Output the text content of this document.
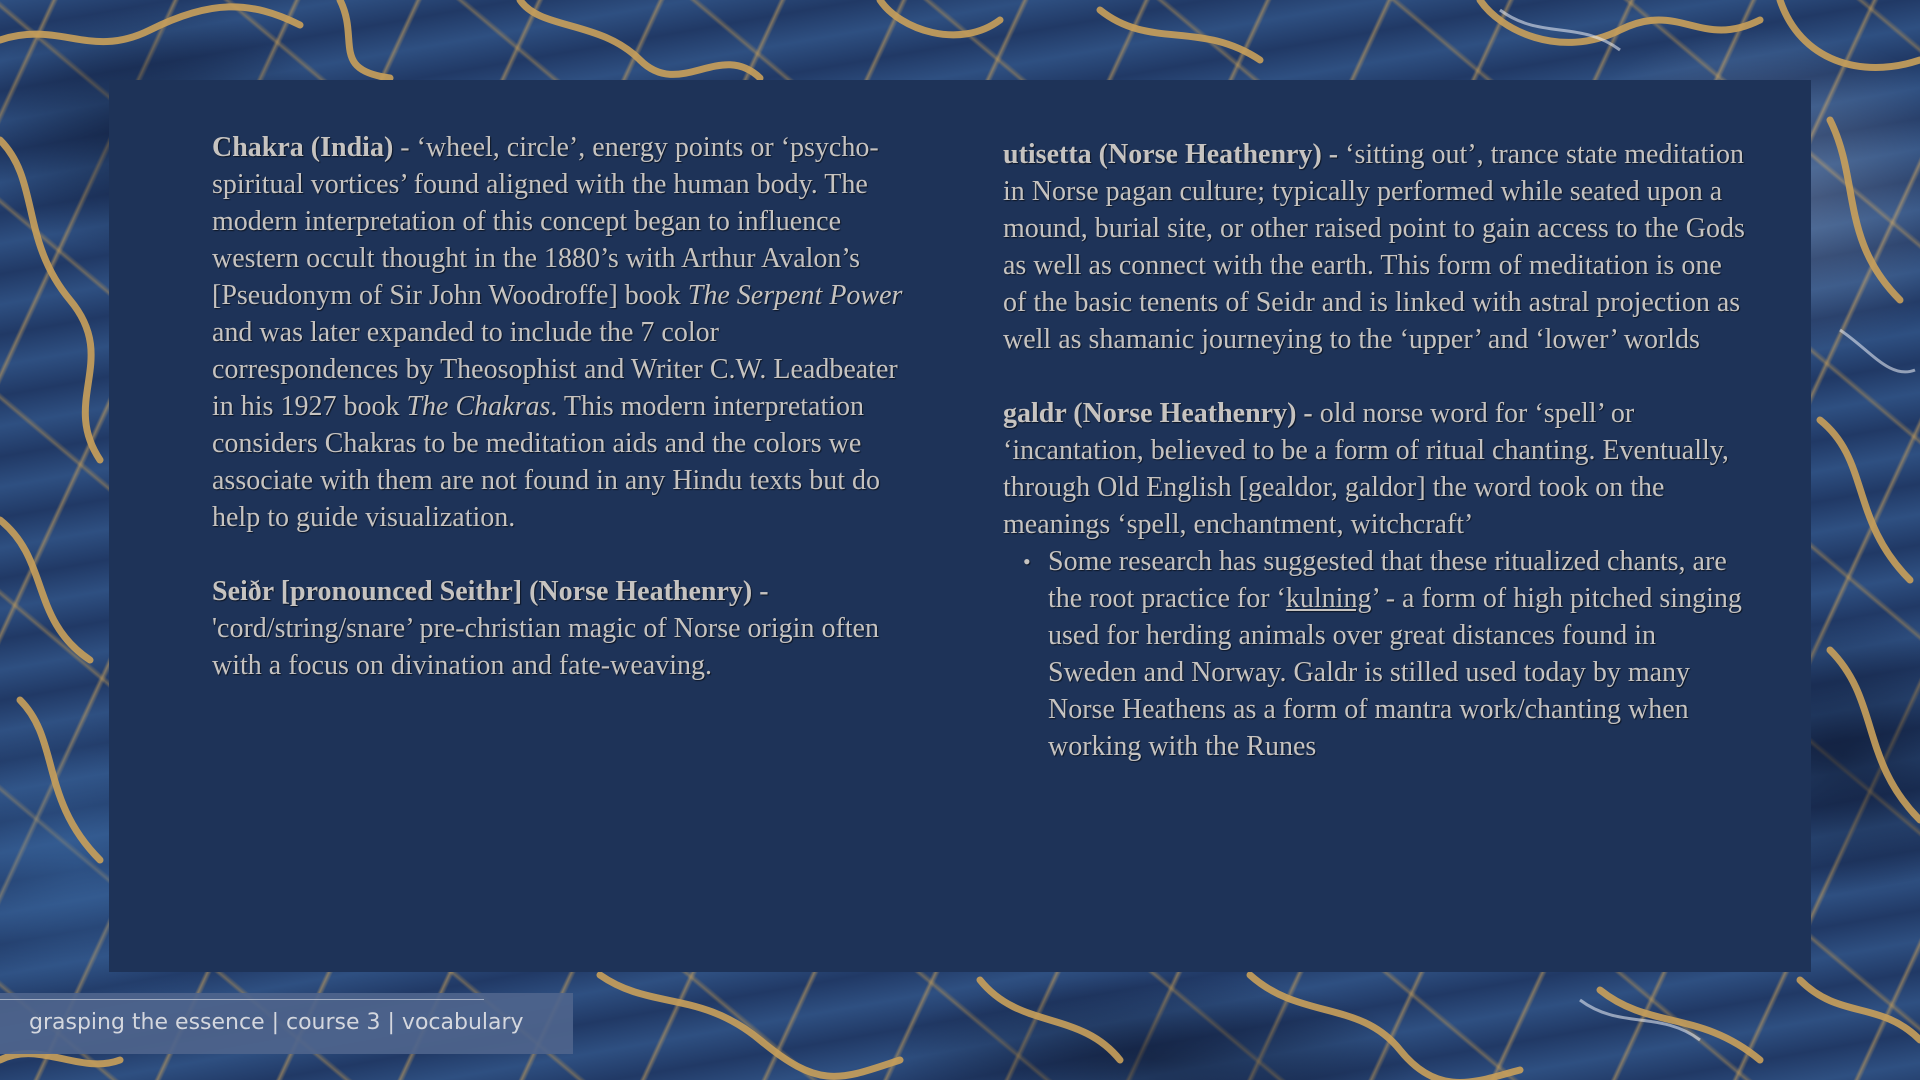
Chakra (India) - ‘wheel, circle’, energy points or ‘psycho-spiritual vortices’ found aligned with the human body. The modern interpretation of this concept began to influence western occult thought in the 1880’s with Arthur Avalon’s [Pseudonym of Sir John Woodroffe] book The Serpent Power and was later expanded to include the 7 color correspondences by Theosophist and Writer C.W. Leadbeater in his 1927 book The Chakras. This modern interpretation considers Chakras to be meditation aids and the colors we associate with them are not found in any Hindu texts but do help to guide visualization.

Seiðr [pronounced Seithr] (Norse Heathenry) - 'cord/string/snare’ pre-christian magic of Norse origin often with a focus on divination and fate-weaving.

utisetta (Norse Heathenry) - ‘sitting out’, trance state meditation in Norse pagan culture; typically performed while seated upon a mound, burial site, or other raised point to gain access to the Gods as well as connect with the earth. This form of meditation is one of the basic tenents of Seidr and is linked with astral projection as well as shamanic journeying to the ‘upper’ and ‘lower’ worlds

galdr (Norse Heathenry) - old norse word for ‘spell’ or ‘incantation, believed to be a form of ritual chanting. Eventually, through Old English [gealdor, galdor] the word took on the meanings ‘spell, enchantment, witchcraft’

• Some research has suggested that these ritualized chants, are the root practice for ‘kulning’ - a form of high pitched singing used for herding animals over great distances found in Sweden and Norway. Galdr is stilled used today by many Norse Heathens as a form of mantra work/chanting when working with the Runes
grasping the essence | course 3 | vocabulary
